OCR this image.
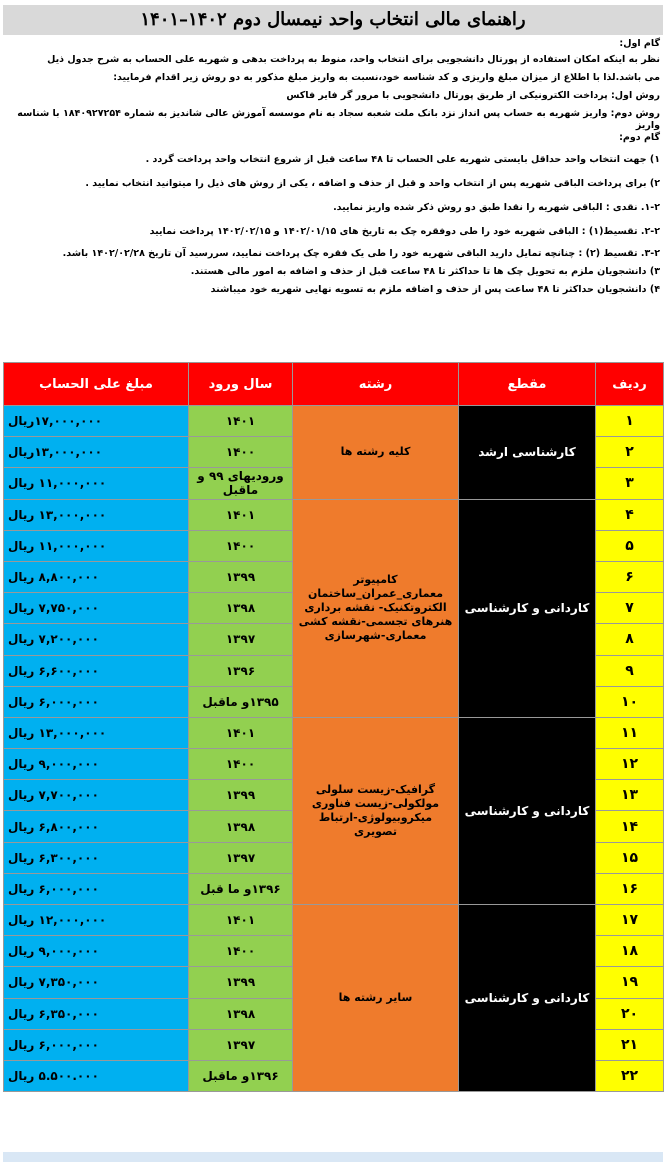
راهنمای مالی انتخاب واحد نیمسال دوم ۱۴۰۲–۱۴۰۱

گام اول:

نظر به اینکه امکان استفاده از پورتال دانشجویی برای انتخاب واحد، منوط به پرداخت بدهی و شهریه علی الحساب به شرح جدول ذیل

می باشد.لذا با اطلاع از میزان مبلغ واریزی و کد شناسه خود،نسبت به واریز مبلغ مذکور به دو روش زیر اقدام فرمایید:

روش اول: پرداخت الکترونیکی از طریق پورتال دانشجویی با مرور گر فایر فاکس

روش دوم: واریز شهریه به حساب پس انداز نزد بانک ملت شعبه سجاد به نام موسسه آموزش عالی شاندیز به شماره ۱۸۴۰۹۲۷۲۵۴ با شناسه واریز

گام دوم:

۱) جهت انتخاب واحد حداقل بایستی شهریه علی الحساب تا ۴۸ ساعت قبل از شروع انتخاب واحد پرداخت گردد .

۲) برای پرداخت الباقی شهریه پس از انتخاب واحد و قبل از حذف و اضافه ، یکی از روش های ذیل را میتوانید انتخاب نمایید .

۱-۲. نقدی : الباقی شهریه را نقدا طبق دو روش ذکر شده واریز نمایید.

۲-۲. تقسیط(۱) : الباقی شهریه خود را طی دوفقره چک به تاریخ های ۱۴۰۲/۰۱/۱۵ و ۱۴۰۲/۰۲/۱۵ پرداخت نمایید

۳-۲. تقسیط (۲) : چنانچه تمایل دارید الباقی شهریه خود را طی یک فقره چک پرداخت نمایید، سررسید آن تاریخ ۱۴۰۲/۰۲/۲۸ باشد.

۳) دانشجویان ملزم به تحویل چک ها تا حداکثر تا ۴۸ ساعت قبل از حذف و اضافه به امور مالی هستند.

۴) دانشجویان حداکثر تا ۴۸ ساعت پس از حذف و اضافه ملزم به تسویه نهایی شهریه خود میباشند

ردیف	مقطع	رشته	سال ورود	مبلغ علی الحساب
۱	کارشناسی ارشد	کلیه رشته ها	۱۴۰۱	۱۷,۰۰۰,۰۰۰ریال
۲			۱۴۰۰	۱۳,۰۰۰,۰۰۰ریال
۳			ورودیهای ۹۹ و ماقبل	۱۱,۰۰۰,۰۰۰ ریال
۴	کاردانی و کارشناسی	کامپیوتر معماری_عمران_ساختمان الکتروتکنیک- نقشه برداری هنرهای تجسمی-نقشه کشی معماری-شهرسازی	۱۴۰۱	۱۳,۰۰۰,۰۰۰ ریال
۵			۱۴۰۰	۱۱,۰۰۰,۰۰۰ ریال
۶			۱۳۹۹	۸,۸۰۰,۰۰۰ ریال
۷			۱۳۹۸	۷,۷۵۰,۰۰۰ ریال
۸			۱۳۹۷	۷,۲۰۰,۰۰۰ ریال
۹			۱۳۹۶	۶,۶۰۰,۰۰۰ ریال
۱۰			۱۳۹۵و ماقبل	۶,۰۰۰,۰۰۰ ریال
۱۱	کاردانی و کارشناسی	گرافیک-زیست سلولی مولکولی-زیست فناوری میکروبیولوژی-ارتباط تصویری	۱۴۰۱	۱۳,۰۰۰,۰۰۰ ریال
۱۲			۱۴۰۰	۹,۰۰۰,۰۰۰ ریال
۱۳			۱۳۹۹	۷,۷۰۰,۰۰۰ ریال
۱۴			۱۳۹۸	۶,۸۰۰,۰۰۰ ریال
۱۵			۱۳۹۷	۶,۳۰۰,۰۰۰ ریال
۱۶			۱۳۹۶و ما قبل	۶,۰۰۰,۰۰۰ ریال
۱۷	کاردانی و کارشناسی	سایر رشته ها	۱۴۰۱	۱۲,۰۰۰,۰۰۰ ریال
۱۸			۱۴۰۰	۹,۰۰۰,۰۰۰ ریال
۱۹			۱۳۹۹	۷,۳۵۰,۰۰۰ ریال
۲۰			۱۳۹۸	۶,۳۵۰,۰۰۰ ریال
۲۱			۱۳۹۷	۶,۰۰۰,۰۰۰ ریال
۲۲			۱۳۹۶و ماقبل	۵.۵۰۰.۰۰۰ ریال
